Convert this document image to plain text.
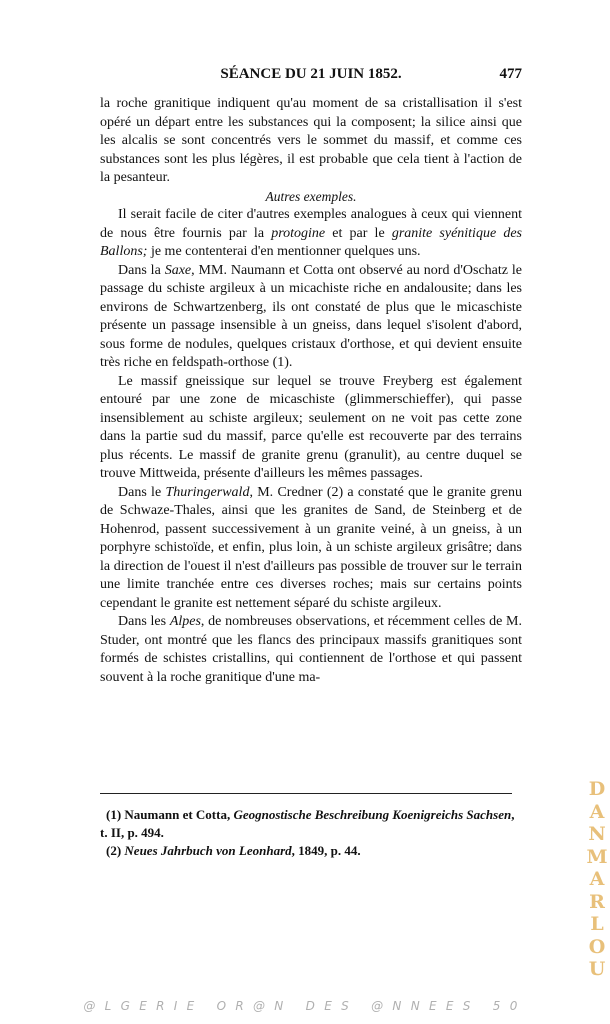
SÉANCE DU 21 JUIN 1852.	477

la roche granitique indiquent qu'au moment de sa cristallisation il s'est opéré un départ entre les substances qui la composent; la silice ainsi que les alcalis se sont concentrés vers le sommet du massif, et comme ces substances sont les plus légères, il est probable que cela tient à l'action de la pesanteur.

Autres exemples.

Il serait facile de citer d'autres exemples analogues à ceux qui viennent de nous être fournis par la protogine et par le granite syénitique des Ballons; je me contenterai d'en mentionner quelques uns.

Dans la Saxe, MM. Naumann et Cotta ont observé au nord d'Oschatz le passage du schiste argileux à un micachiste riche en andalousite; dans les environs de Schwartzenberg, ils ont constaté de plus que le micaschiste présente un passage insensible à un gneiss, dans lequel s'isolent d'abord, sous forme de nodules, quelques cristaux d'orthose, et qui devient ensuite très riche en feldspath-orthose (1).

Le massif gneissique sur lequel se trouve Freyberg est également entouré par une zone de micaschiste (glimmerschieffer), qui passe insensiblement au schiste argileux; seulement on ne voit pas cette zone dans la partie sud du massif, parce qu'elle est recouverte par des terrains plus récents. Le massif de granite grenu (granulit), au centre duquel se trouve Mittweida, présente d'ailleurs les mêmes passages.

Dans le Thuringerwald, M. Credner (2) a constaté que le granite grenu de Schwaze-Thales, ainsi que les granites de Sand, de Steinberg et de Hohenrod, passent successivement à un granite veiné, à un gneiss, à un porphyre schistoïde, et enfin, plus loin, à un schiste argileux grisâtre; dans la direction de l'ouest il n'est d'ailleurs pas possible de trouver sur le terrain une limite tranchée entre ces diverses roches; mais sur certains points cependant le granite est nettement séparé du schiste argileux.

Dans les Alpes, de nombreuses observations, et récemment celles de M. Studer, ont montré que les flancs des principaux massifs granitiques sont formés de schistes cristallins, qui contiennent de l'orthose et qui passent souvent à la roche granitique d'une ma-

(1) Naumann et Cotta, Geognostische Beschreibung Koenigreichs Sachsen, t. II, p. 494.

(2) Neues Jahrbuch von Leonhard, 1849, p. 44.

D
A
N
M
A
R
L
O
U
@LGERIE OR@N DES @NNEES 50
